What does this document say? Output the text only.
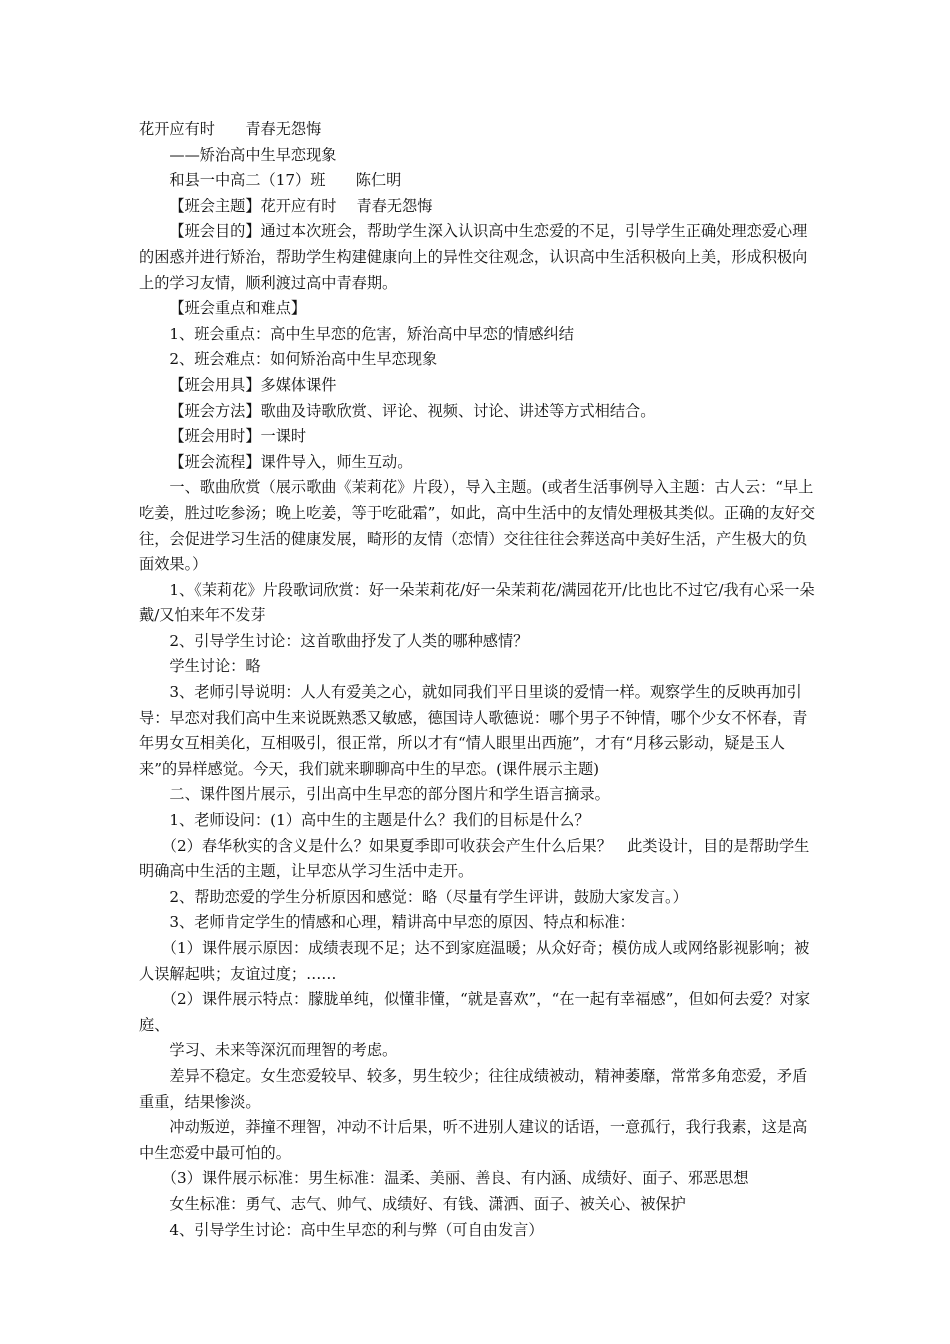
花开应有时　　青春无怨悔

——矫治高中生早恋现象

和县一中高二（17）班　　陈仁明

【班会主题】花开应有时　 青春无怨悔

【班会目的】通过本次班会，帮助学生深入认识高中生恋爱的不足，引导学生正确处理恋爱心理的困惑并进行矫治，帮助学生构建健康向上的异性交往观念，认识高中生活积极向上美，形成积极向上的学习友情，顺利渡过高中青春期。

【班会重点和难点】

1、班会重点：高中生早恋的危害，矫治高中早恋的情感纠结

2、班会难点：如何矫治高中生早恋现象

【班会用具】多媒体课件

【班会方法】歌曲及诗歌欣赏、评论、视频、讨论、讲述等方式相结合。

【班会用时】一课时

【班会流程】课件导入，师生互动。

一、歌曲欣赏（展示歌曲《茉莉花》片段），导入主题。(或者生活事例导入主题：古人云：“早上吃姜，胜过吃参汤；晚上吃姜，等于吃砒霜”，如此，高中生活中的友情处理极其类似。正确的友好交往，会促进学习生活的健康发展，畸形的友情（恋情）交往往往会葬送高中美好生活，产生极大的负面效果。）

1、《茉莉花》片段歌词欣赏：好一朵茉莉花/好一朵茉莉花/满园花开/比也比不过它/我有心采一朵戴/又怕来年不发芽

2、引导学生讨论：这首歌曲抒发了人类的哪种感情？

学生讨论：略

3、老师引导说明：人人有爱美之心，就如同我们平日里谈的爱情一样。观察学生的反映再加引导：早恋对我们高中生来说既熟悉又敏感，德国诗人歌德说：哪个男子不钟情，哪个少女不怀春，青年男女互相美化，互相吸引，很正常，所以才有“情人眼里出西施”，才有“月移云影动，疑是玉人来”的异样感觉。今天，我们就来聊聊高中生的早恋。(课件展示主题)

二、课件图片展示，引出高中生早恋的部分图片和学生语言摘录。

1、老师设问：(1）高中生的主题是什么？我们的目标是什么？

（2）春华秋实的含义是什么？如果夏季即可收获会产生什么后果？　此类设计，目的是帮助学生明确高中生活的主题，让早恋从学习生活中走开。

2、帮助恋爱的学生分析原因和感觉：略（尽量有学生评讲，鼓励大家发言。）

3、老师肯定学生的情感和心理，精讲高中早恋的原因、特点和标准：

（1）课件展示原因：成绩表现不足；达不到家庭温暖；从众好奇；模仿成人或网络影视影响；被人误解起哄；友谊过度；……

（2）课件展示特点：朦胧单纯，似懂非懂，“就是喜欢”，“在一起有幸福感”，但如何去爱？对家庭、

学习、未来等深沉而理智的考虑。

差异不稳定。女生恋爱较早、较多，男生较少；往往成绩被动，精神萎靡，常常多角恋爱，矛盾重重，结果惨淡。

冲动叛逆，莽撞不理智，冲动不计后果，听不进别人建议的话语，一意孤行，我行我素，这是高中生恋爱中最可怕的。

（3）课件展示标准：男生标准：温柔、美丽、善良、有内涵、成绩好、面子、邪恶思想

女生标准：勇气、志气、帅气、成绩好、有钱、潇洒、面子、被关心、被保护

4、引导学生讨论：高中生早恋的利与弊（可自由发言）
